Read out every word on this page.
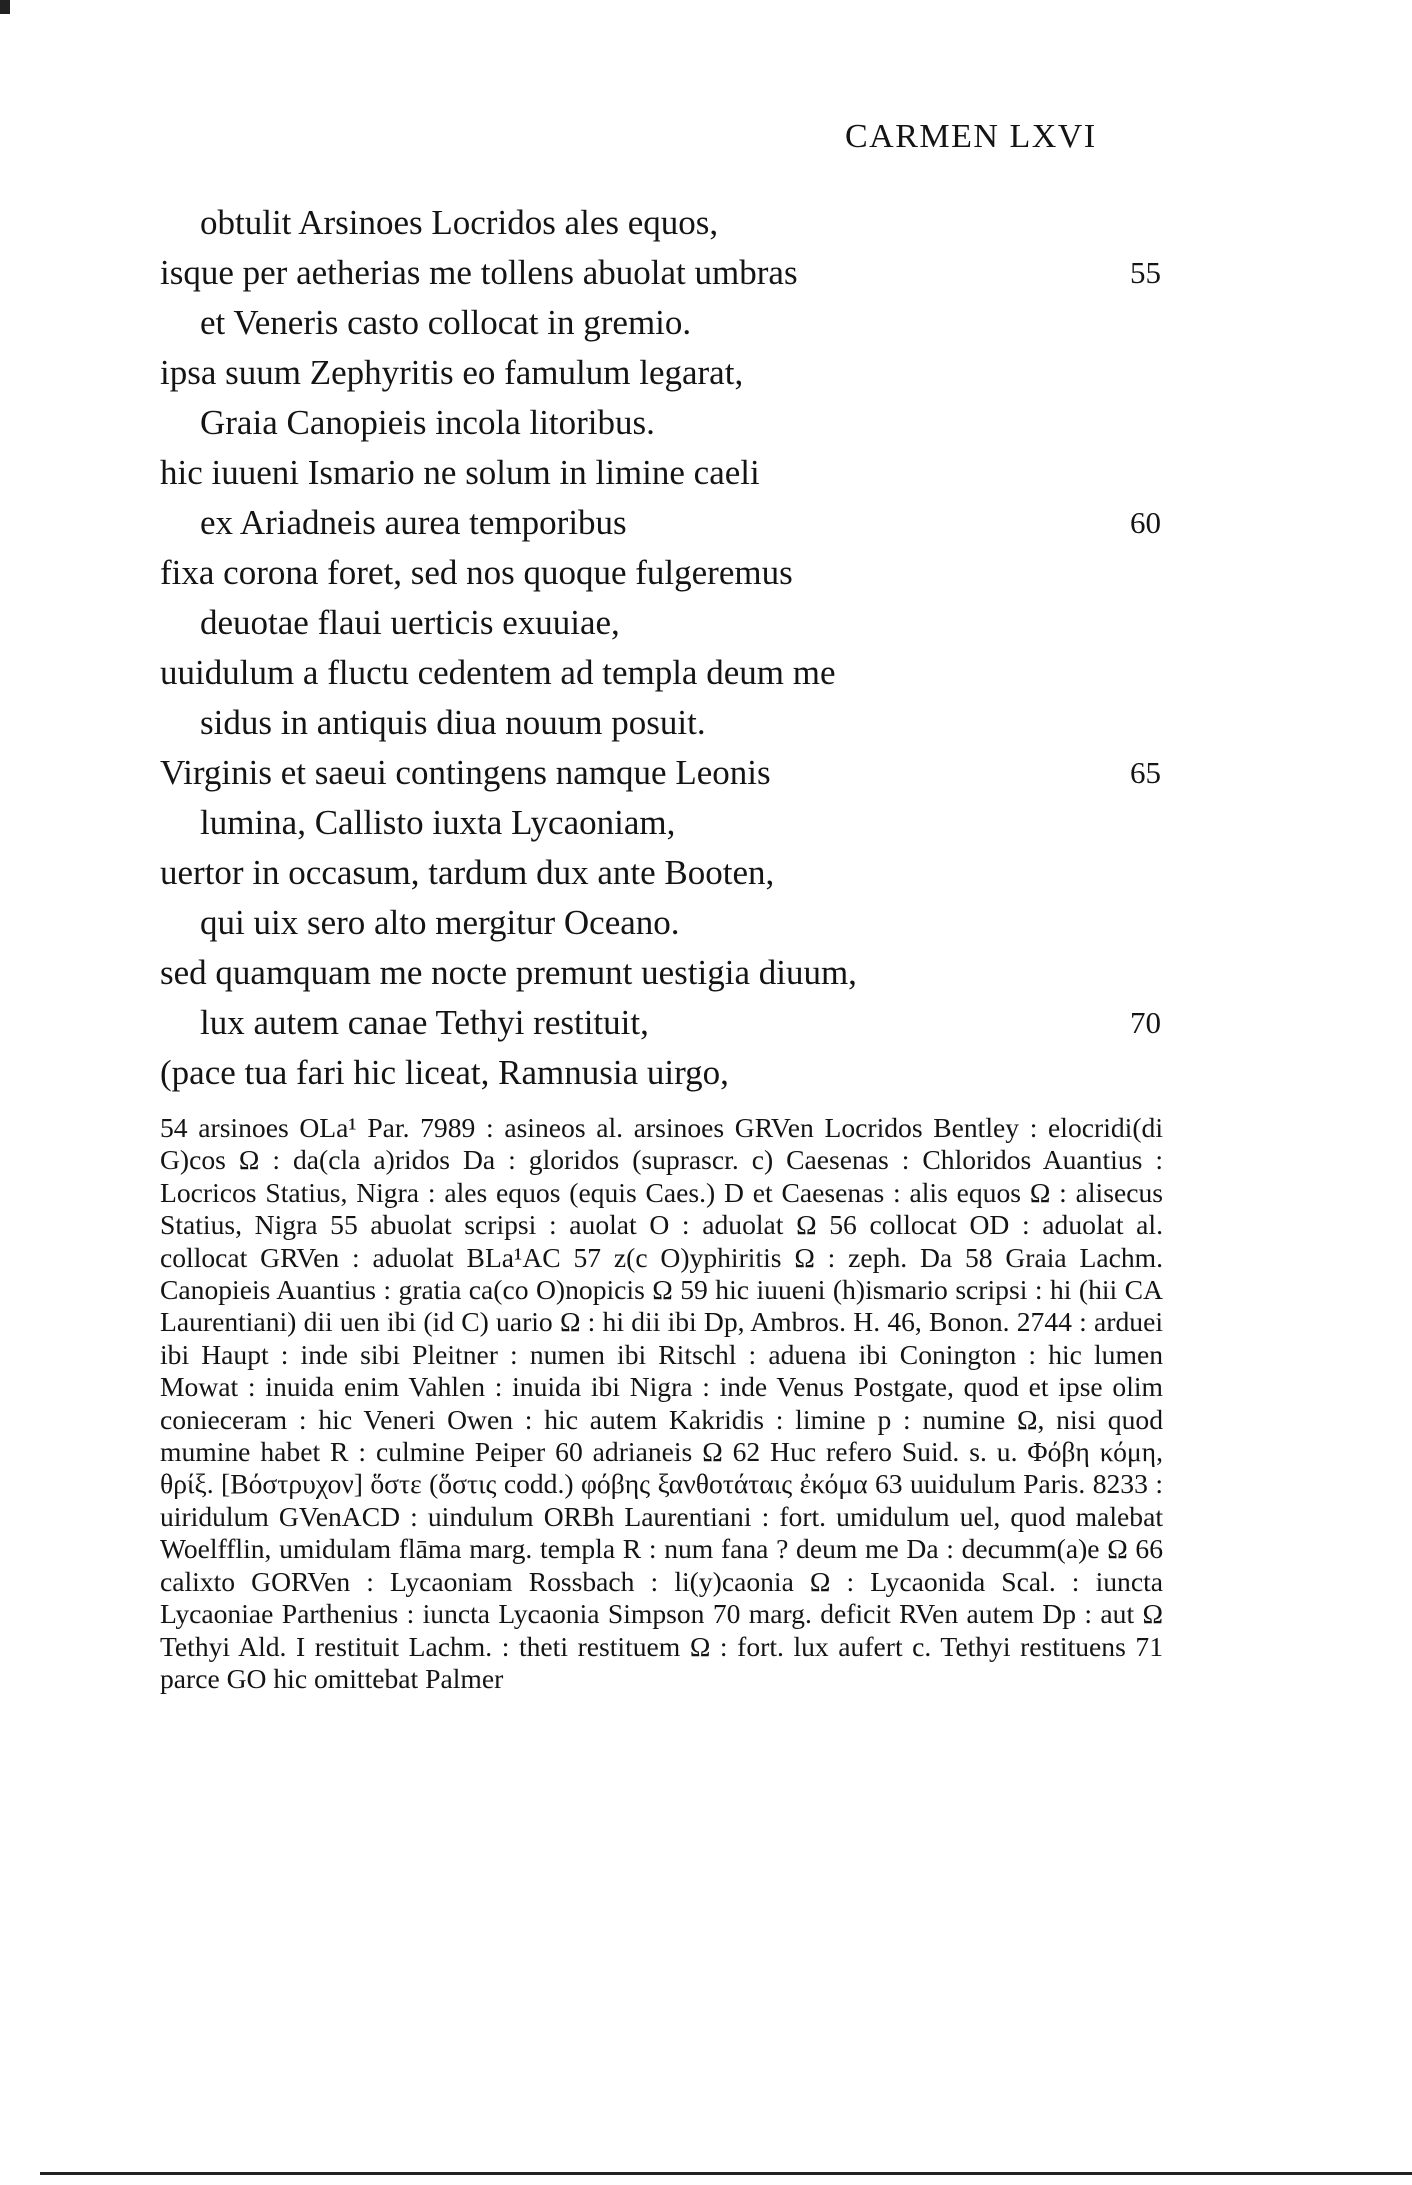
CARMEN LXVI
obtulit Arsinoes Locridos ales equos,
isque per aetherias me tollens abuolat umbras	55
et Veneris casto collocat in gremio.
ipsa suum Zephyritis eo famulum legarat,
Graia Canopieis incola litoribus.
hic iuueni Ismario ne solum in limine caeli
ex Ariadneis aurea temporibus	60
fixa corona foret, sed nos quoque fulgeremus
deuotae flaui uerticis exuuiae,
uuidulum a fluctu cedentem ad templa deum me
sidus in antiquis diua nouum posuit.
Virginis et saeui contingens namque Leonis	65
lumina, Callisto iuxta Lycaoniam,
uertor in occasum, tardum dux ante Booten,
qui uix sero alto mergitur Oceano.
sed quamquam me nocte premunt uestigia diuum,
lux autem canae Tethyi restituit,	70
(pace tua fari hic liceat, Ramnusia uirgo,

54 arsinoes OLa¹ Par. 7989 : asineos al. arsinoes GRVen Locridos Bentley : elocridi(di G)cos Ω : da(cla a)ridos Da : gloridos (suprascr. c) Caesenas : Chloridos Auantius : Locricos Statius, Nigra : ales equos (equis Caes.) D et Caesenas : alis equos Ω : alisecus Statius, Nigra 55 abuolat scripsi : auolat O : aduolat Ω 56 collocat OD : aduolat al. collocat GRVen : aduolat BLa¹AC 57 z(c O)yphiritis Ω : zeph. Da 58 Graia Lachm. Canopieis Auantius : gratia ca(co O)nopicis Ω 59 hic iuueni (h)ismario scripsi : hi (hii CA Laurentiani) dii uen ibi (id C) uario Ω : hi dii ibi Dp, Ambros. H. 46, Bonon. 2744 : arduei ibi Haupt : inde sibi Pleitner : numen ibi Ritschl : aduena ibi Conington : hic lumen Mowat : inuida enim Vahlen : inuida ibi Nigra : inde Venus Postgate, quod et ipse olim conieceram : hic Veneri Owen : hic autem Kakridis : limine p : numine Ω, nisi quod mumine habet R : culmine Peiper 60 adrianeis Ω 62 Huc refero Suid. s. u. Φόβη κόμη, θρίξ. [Βόστρυχον] ὅστε (ὅστις codd.) φόβης ξανθοτάταις ἐκόμα 63 uuidulum Paris. 8233 : uiridulum GVenACD : uindulum ORBh Laurentiani : fort. umidulum uel, quod malebat Woelfflin, umidulam flāma marg. templa R : num fana ? deum me Da : decumm(a)e Ω 66 calixto GORVen : Lycaoniam Rossbach : li(y)caonia Ω : Lycaonida Scal. : iuncta Lycaoniae Parthenius : iuncta Lycaonia Simpson 70 marg. deficit RVen autem Dp : aut Ω Tethyi Ald. I restituit Lachm. : theti restituem Ω : fort. lux aufert c. Tethyi restituens 71 parce GO hic omittebat Palmer
